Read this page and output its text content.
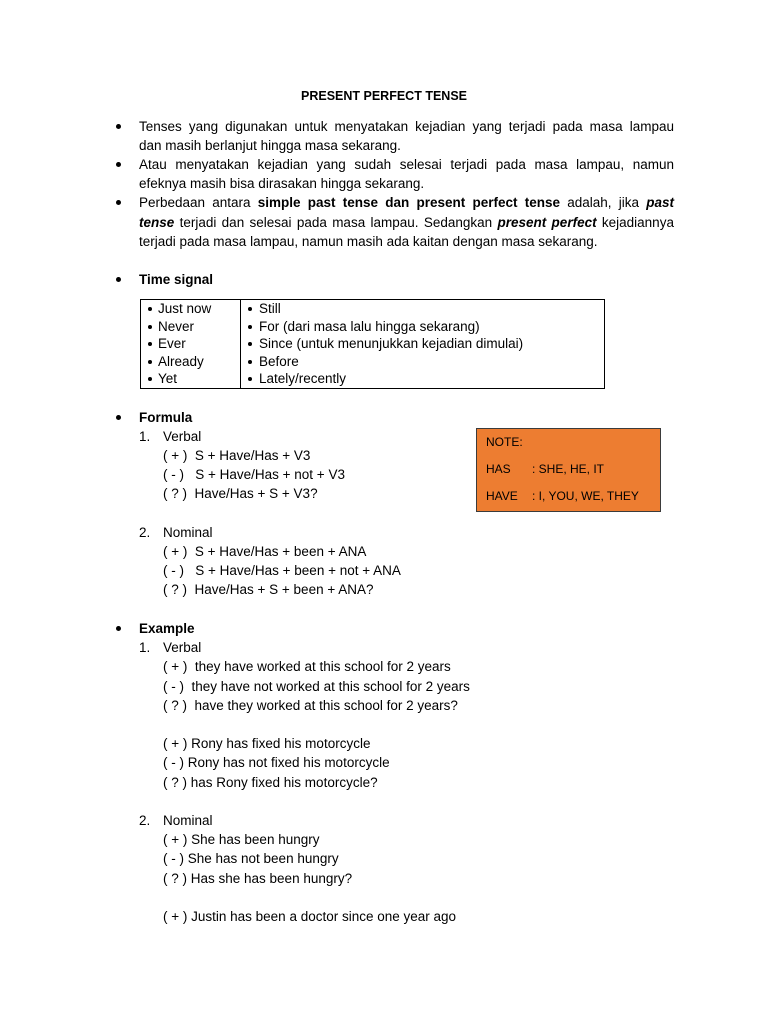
PRESENT PERFECT TENSE
Tenses yang digunakan untuk menyatakan kejadian yang terjadi pada masa lampau
dan masih berlanjut hingga masa sekarang.
Atau menyatakan kejadian yang sudah selesai terjadi pada masa lampau, namun
efeknya masih bisa dirasakan hingga sekarang.
Perbedaan antara simple past tense dan present perfect tense adalah, jika past
tense terjadi dan selesai pada masa lampau. Sedangkan present perfect kejadiannya
terjadi pada masa lampau, namun masih ada kaitan dengan masa sekarang.
Time signal
Just now
Never
Ever
Already
Yet
Still
For (dari masa lalu hingga sekarang)
Since (untuk menunjukkan kejadian dimulai)
Before
Lately/recently
Formula
1. Verbal
( + )  S + Have/Has + V3
( - )   S + Have/Has + not + V3
( ? )  Have/Has + S + V3?
2. Nominal
( + )  S + Have/Has + been + ANA
( - )   S + Have/Has + been + not + ANA
( ? )  Have/Has + S + been + ANA?
NOTE:
HAS : SHE, HE, IT
HAVE : I, YOU, WE, THEY
Example
1. Verbal
( + )  they have worked at this school for 2 years
( - )  they have not worked at this school for 2 years
( ? )  have they worked at this school for 2 years?
( + ) Rony has fixed his motorcycle
( - ) Rony has not fixed his motorcycle
( ? ) has Rony fixed his motorcycle?
2. Nominal
( + ) She has been hungry
( - ) She has not been hungry
( ? ) Has she has been hungry?
( + ) Justin has been a doctor since one year ago
